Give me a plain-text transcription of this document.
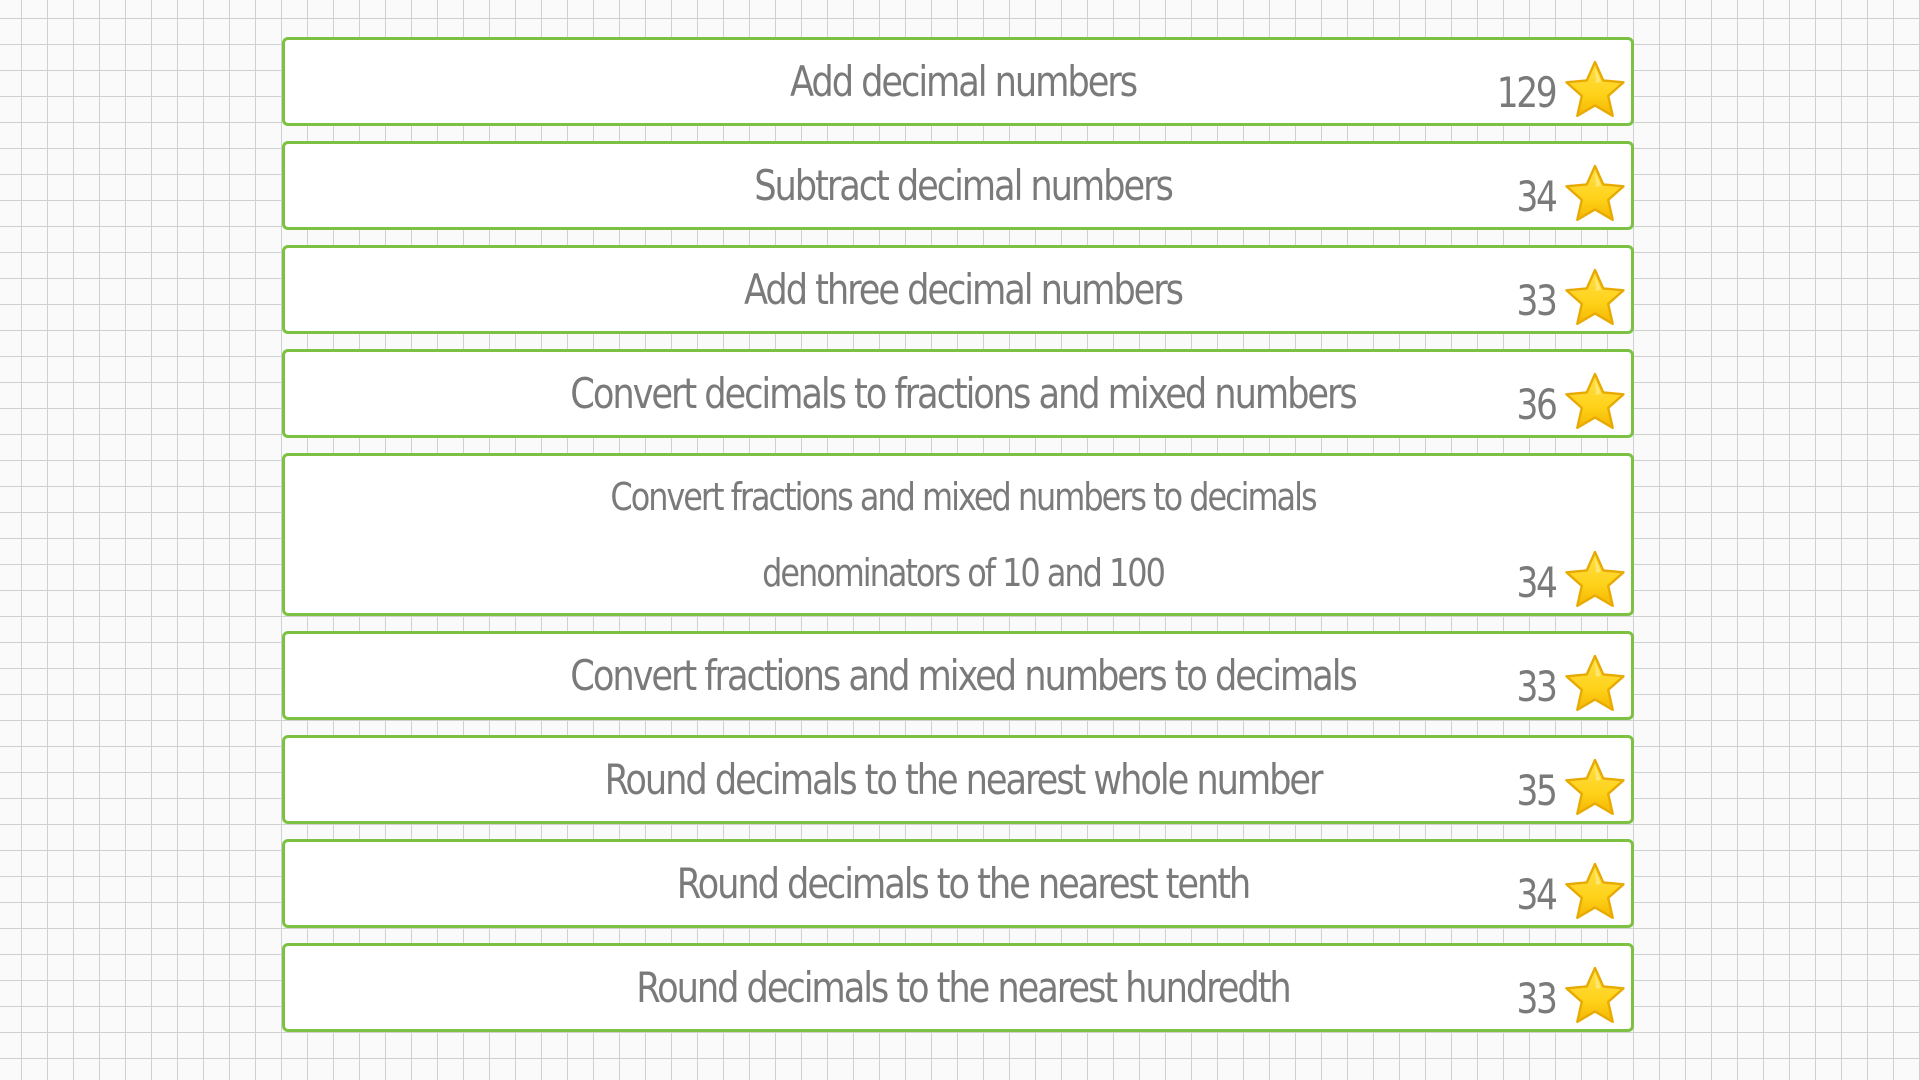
Add decimal numbers	129
Subtract decimal numbers	34
Add three decimal numbers	33
Convert decimals to fractions and mixed numbers	36
Convert fractions and mixed numbers to decimals
denominators of 10 and 100	34
Convert fractions and mixed numbers to decimals	33
Round decimals to the nearest whole number	35
Round decimals to the nearest tenth	34
Round decimals to the nearest hundredth	33
